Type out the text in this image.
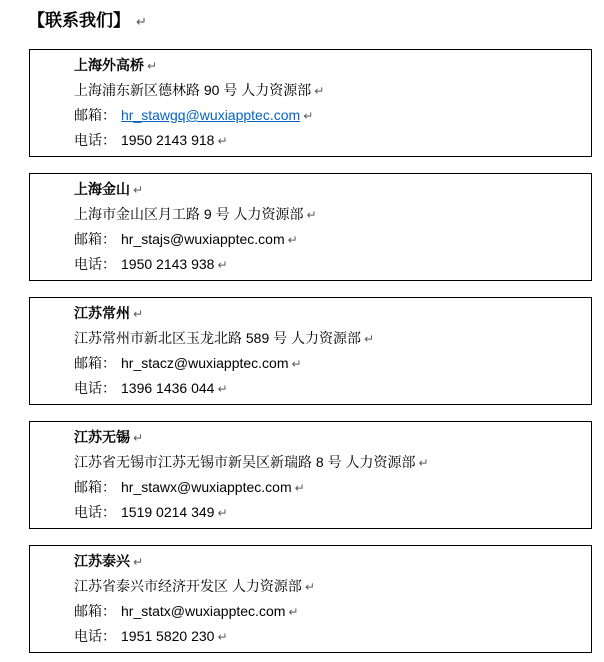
【联系我们】 ↵
上海外高桥 ↵
上海浦东新区德林路 90 号 人力资源部 ↵
邮箱： hr_stawgq@wuxiapptec.com ↵
电话： 1950 2143 918 ↵
上海金山 ↵
上海市金山区月工路 9 号 人力资源部 ↵
邮箱： hr_stajs@wuxiapptec.com ↵
电话： 1950 2143 938 ↵
江苏常州 ↵
江苏常州市新北区玉龙北路 589 号 人力资源部 ↵
邮箱： hr_stacz@wuxiapptec.com ↵
电话： 1396 1436 044 ↵
江苏无锡 ↵
江苏省无锡市江苏无锡市新吴区新瑞路 8 号 人力资源部 ↵
邮箱： hr_stawx@wuxiapptec.com ↵
电话： 1519 0214 349 ↵
江苏泰兴 ↵
江苏省泰兴市经济开发区 人力资源部 ↵
邮箱： hr_statx@wuxiapptec.com ↵
电话： 1951 5820 230 ↵
